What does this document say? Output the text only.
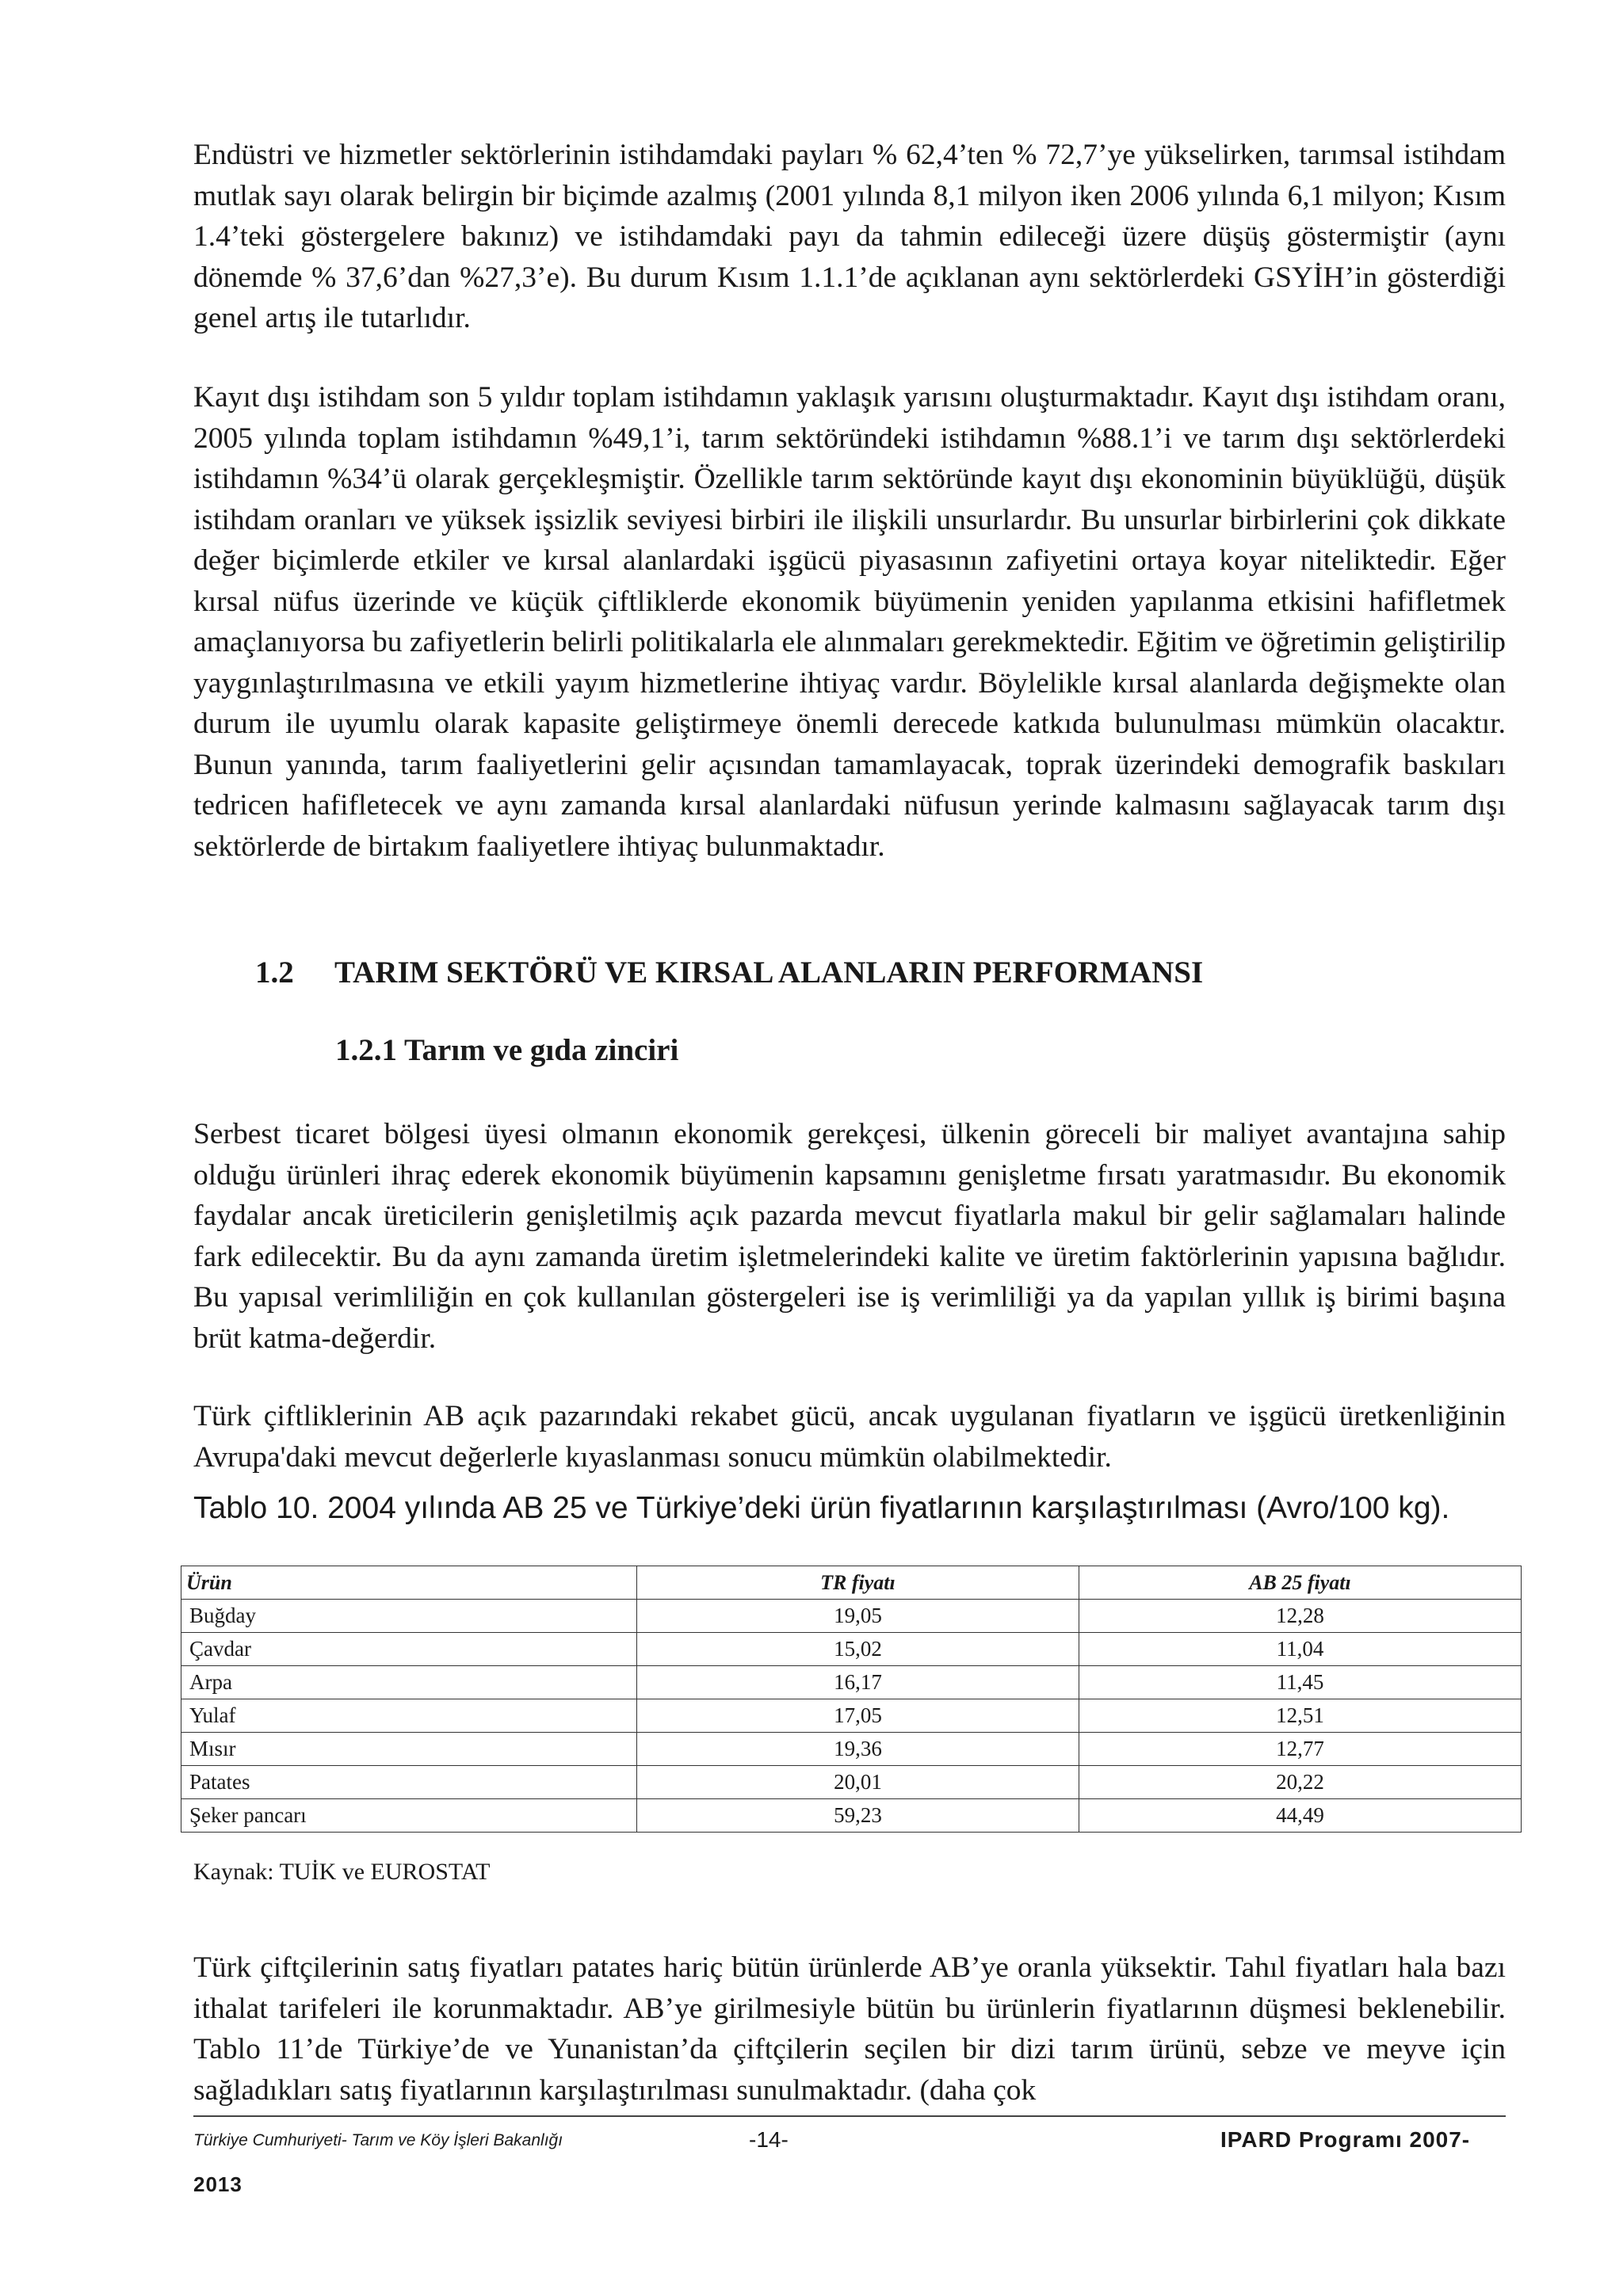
Endüstri ve hizmetler sektörlerinin istihdamdaki payları % 62,4’ten % 72,7’ye yükselirken, tarımsal istihdam mutlak sayı olarak belirgin bir biçimde azalmış (2001 yılında 8,1 milyon iken 2006 yılında 6,1 milyon; Kısım 1.4’teki göstergelere bakınız) ve istihdamdaki payı da tahmin edileceği üzere düşüş göstermiştir (aynı dönemde % 37,6’dan %27,3’e). Bu durum Kısım 1.1.1’de açıklanan aynı sektörlerdeki GSYİH’in gösterdiği genel artış ile tutarlıdır.

Kayıt dışı istihdam son 5 yıldır toplam istihdamın yaklaşık yarısını oluşturmaktadır. Kayıt dışı istihdam oranı, 2005 yılında toplam istihdamın %49,1’i, tarım sektöründeki istihdamın %88.1’i ve tarım dışı sektörlerdeki istihdamın %34’ü olarak gerçekleşmiştir. Özellikle tarım sektöründe kayıt dışı ekonominin büyüklüğü, düşük istihdam oranları ve yüksek işsizlik seviyesi birbiri ile ilişkili unsurlardır. Bu unsurlar birbirlerini çok dikkate değer biçimlerde etkiler ve kırsal alanlardaki işgücü piyasasının zafiyetini ortaya koyar niteliktedir. Eğer kırsal nüfus üzerinde ve küçük çiftliklerde ekonomik büyümenin yeniden yapılanma etkisini hafifletmek amaçlanıyorsa bu zafiyetlerin belirli politikalarla ele alınmaları gerekmektedir. Eğitim ve öğretimin geliştirilip yaygınlaştırılmasına ve etkili yayım hizmetlerine ihtiyaç vardır. Böylelikle kırsal alanlarda değişmekte olan durum ile uyumlu olarak kapasite geliştirmeye önemli derecede katkıda bulunulması mümkün olacaktır. Bunun yanında, tarım faaliyetlerini gelir açısından tamamlayacak, toprak üzerindeki demografik baskıları tedricen hafifletecek ve aynı zamanda kırsal alanlardaki nüfusun yerinde kalmasını sağlayacak tarım dışı sektörlerde de birtakım faaliyetlere ihtiyaç bulunmaktadır.

1.2 TARIM SEKTÖRÜ VE KIRSAL ALANLARIN PERFORMANSI
1.2.1 Tarım ve gıda zinciri

Serbest ticaret bölgesi üyesi olmanın ekonomik gerekçesi, ülkenin göreceli bir maliyet avantajına sahip olduğu ürünleri ihraç ederek ekonomik büyümenin kapsamını genişletme fırsatı yaratmasıdır. Bu ekonomik faydalar ancak üreticilerin genişletilmiş açık pazarda mevcut fiyatlarla makul bir gelir sağlamaları halinde fark edilecektir. Bu da aynı zamanda üretim işletmelerindeki kalite ve üretim faktörlerinin yapısına bağlıdır. Bu yapısal verimliliğin en çok kullanılan göstergeleri ise iş verimliliği ya da yapılan yıllık iş birimi başına brüt katma-değerdir.

Türk çiftliklerinin AB açık pazarındaki rekabet gücü, ancak uygulanan fiyatların ve işgücü üretkenliğinin Avrupa'daki mevcut değerlerle kıyaslanması sonucu mümkün olabilmektedir.

Tablo 10. 2004 yılında AB 25 ve Türkiye’deki ürün fiyatlarının karşılaştırılması (Avro/100 kg).

Ürün	TR fiyatı	AB 25 fiyatı
Buğday	19,05	12,28
Çavdar	15,02	11,04
Arpa	16,17	11,45
Yulaf	17,05	12,51
Mısır	19,36	12,77
Patates	20,01	20,22
Şeker pancarı	59,23	44,49

Kaynak: TUİK ve EUROSTAT

Türk çiftçilerinin satış fiyatları patates hariç bütün ürünlerde AB’ye oranla yüksektir. Tahıl fiyatları hala bazı ithalat tarifeleri ile korunmaktadır. AB’ye girilmesiyle bütün bu ürünlerin fiyatlarının düşmesi beklenebilir. Tablo 11’de Türkiye’de ve Yunanistan’da çiftçilerin seçilen bir dizi tarım ürünü, sebze ve meyve için sağladıkları satış fiyatlarının karşılaştırılması sunulmaktadır. (daha çok

Türkiye Cumhuriyeti- Tarım ve Köy İşleri Bakanlığı	-14-	IPARD Programı 2007-
2013
